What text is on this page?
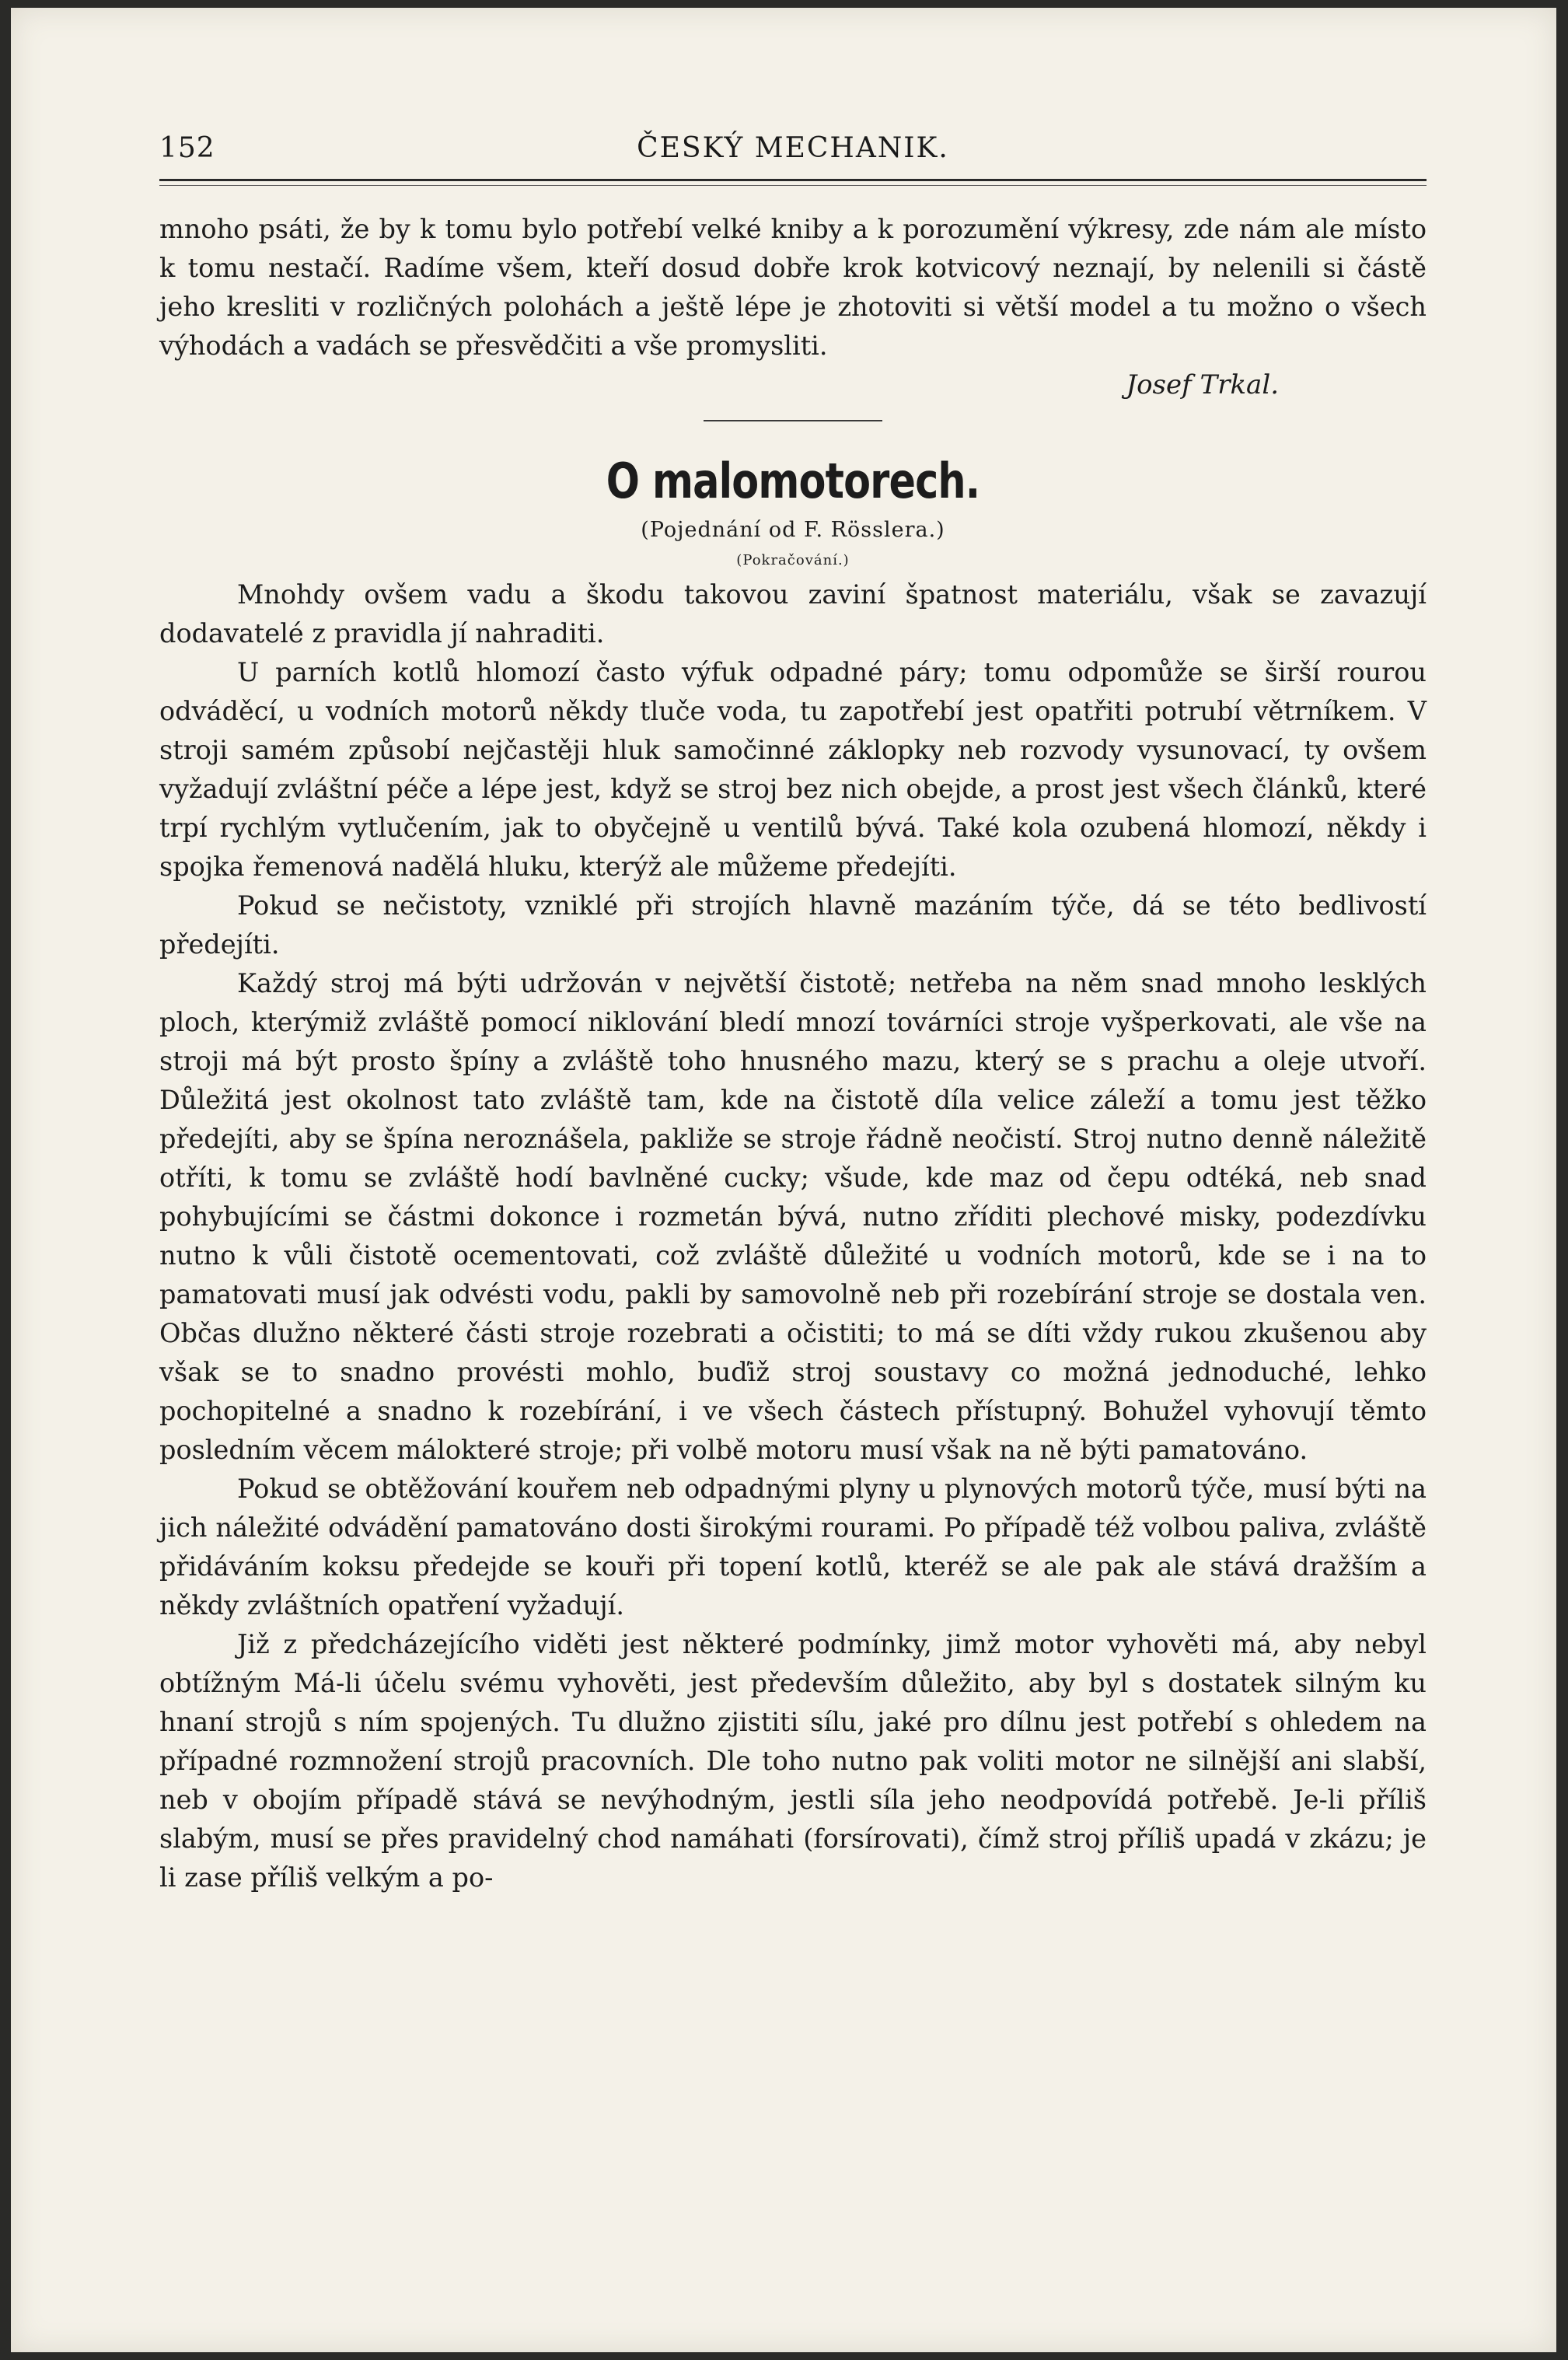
152	ČESKÝ MECHANIK.

mnoho psáti, že by k tomu bylo potřebí velké kniby a k porozumění výkresy, zde nám ale místo k tomu nestačí. Radíme všem, kteří dosud dobře krok kotvicový neznají, by nelenili si částě jeho kresliti v rozličných polohách a ještě lépe je zhotoviti si větší model a tu možno o všech výhodách a vadách se přesvědčiti a vše promysliti.

Josef Trkal.

O malomotorech.

(Pojednání od F. Rösslera.)

(Pokračování.)

Mnohdy ovšem vadu a škodu takovou zaviní špatnost materiálu, však se zavazují dodavatelé z pravidla jí nahraditi.

U parních kotlů hlomozí často výfuk odpadné páry; tomu odpomůže se širší rourou odváděcí, u vodních motorů někdy tluče voda, tu zapotřebí jest opatřiti potrubí větrníkem. V stroji samém způsobí nejčastěji hluk samočinné záklopky neb rozvody vysunovací, ty ovšem vyžadují zvláštní péče a lépe jest, když se stroj bez nich obejde, a prost jest všech článků, které trpí rychlým vytlučením, jak to obyčejně u ventilů bývá. Také kola ozubená hlomozí, někdy i spojka řemenová nadělá hluku, kterýž ale můžeme předejíti.

Pokud se nečistoty, vzniklé při strojích hlavně mazáním týče, dá se této bedlivostí předejíti.

Každý stroj má býti udržován v největší čistotě; netřeba na něm snad mnoho lesklých ploch, kterýmiž zvláště pomocí niklování bledí mnozí továrníci stroje vyšperkovati, ale vše na stroji má být prosto špíny a zvláště toho hnusného mazu, který se s prachu a oleje utvoří. Důležitá jest okolnost tato zvláště tam, kde na čistotě díla velice záleží a tomu jest těžko předejíti, aby se špína neroznášela, pakliže se stroje řádně neočistí. Stroj nutno denně náležitě otříti, k tomu se zvláště hodí bavlněné cucky; všude, kde maz od čepu odtéká, neb snad pohybujícími se částmi dokonce i rozmetán bývá, nutno zříditi plechové misky, podezdívku nutno k vůli čistotě ocementovati, což zvláště důležité u vodních motorů, kde se i na to pamatovati musí jak odvésti vodu, pakli by samovolně neb při rozebírání stroje se dostala ven. Občas dlužno některé části stroje rozebrati a očistiti; to má se díti vždy rukou zkušenou aby však se to snadno provésti mohlo, buďiž stroj soustavy co možná jednoduché, lehko pochopitelné a snadno k rozebírání, i ve všech částech přístupný. Bohužel vyhovují těmto posledním věcem málokteré stroje; při volbě motoru musí však na ně býti pamatováno.

Pokud se obtěžování kouřem neb odpadnými plyny u plynových motorů týče, musí býti na jich náležité odvádění pamatováno dosti širokými rourami. Po případě též volbou paliva, zvláště přidáváním koksu předejde se kouři při topení kotlů, kteréž se ale pak ale stává dražším a někdy zvláštních opatření vyžadují.

Již z předcházejícího viděti jest některé podmínky, jimž motor vyhověti má, aby nebyl obtížným Má-li účelu svému vyhověti, jest především důležito, aby byl s dostatek silným ku hnaní strojů s ním spojených. Tu dlužno zjistiti sílu, jaké pro dílnu jest potřebí s ohledem na případné rozmnožení strojů pracovních. Dle toho nutno pak voliti motor ne silnější ani slabší, neb v obojím případě stává se nevýhodným, jestli síla jeho neodpovídá potřebě. Je-li příliš slabým, musí se přes pravidelný chod namáhati (forsírovati), čímž stroj příliš upadá v zkázu; je li zase příliš velkým a po-
